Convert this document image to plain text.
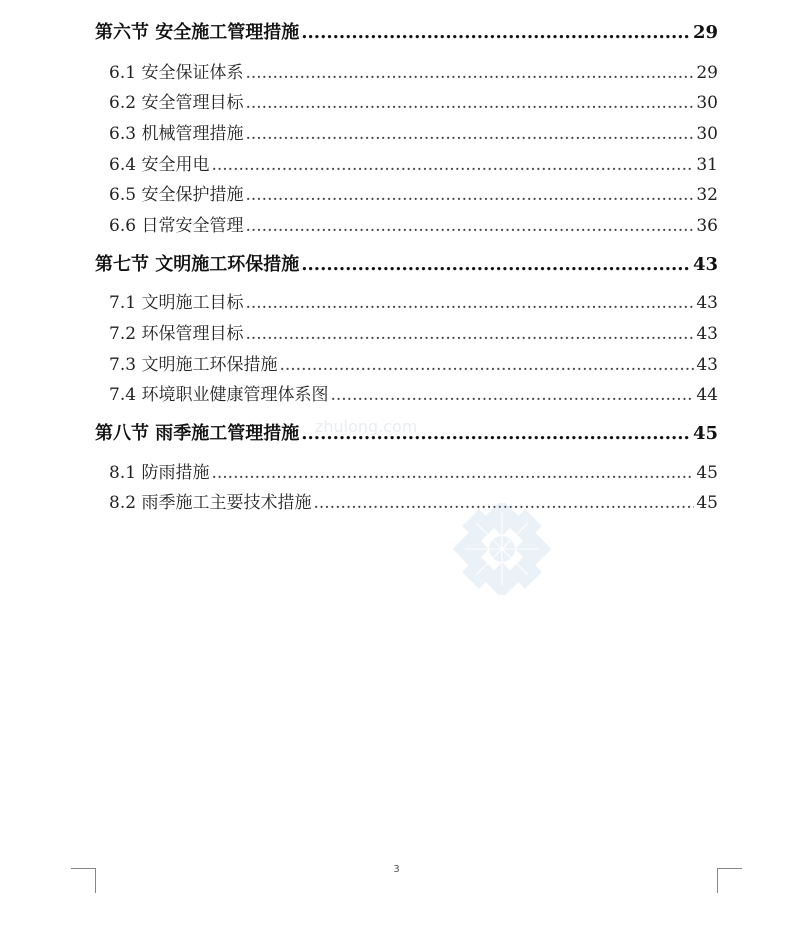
第六节 安全施工管理措施 .....	29
6.1 安全保证体系 .....	29
6.2 安全管理目标 .....	30
6.3 机械管理措施 .....	30
6.4 安全用电 .....	31
6.5 安全保护措施 .....	32
6.6 日常安全管理 .....	36
第七节 文明施工环保措施 .....	43
7.1 文明施工目标 .....	43
7.2 环保管理目标 .....	43
7.3 文明施工环保措施 .....	43
7.4 环境职业健康管理体系图 .....	44
第八节 雨季施工管理措施 .....	45
8.1 防雨措施 .....	45
8.2 雨季施工主要技术措施 .....	45
zhulong.com
3
